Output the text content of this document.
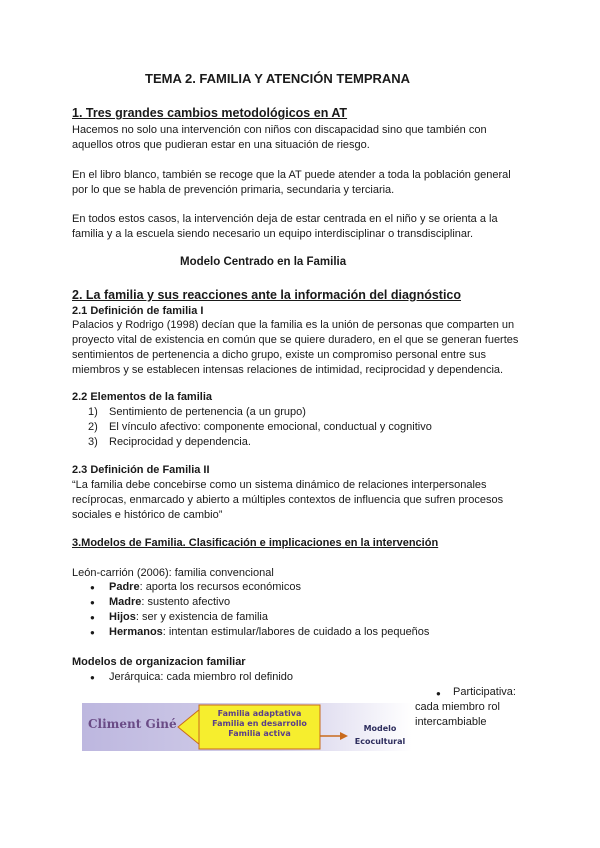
TEMA 2. FAMILIA Y ATENCIÓN TEMPRANA
1. Tres grandes cambios metodológicos en AT
Hacemos no solo una intervención con niños con discapacidad sino que también con
aquellos otros que pudieran estar en una situación de riesgo.
En el libro blanco, también se recoge que la AT puede atender a toda la población general
por lo que se habla de prevención primaria, secundaria y terciaria.
En todos estos casos, la intervención deja de estar centrada en el niño y se orienta a la
familia y a la escuela siendo necesario un equipo interdisciplinar o transdisciplinar.
Modelo Centrado en la Familia
2. La familia y sus reacciones ante la información del diagnóstico
2.1 Definición de familia I
Palacios y Rodrigo (1998) decían que la familia es la unión de personas que comparten un
proyecto vital de existencia en común que se quiere duradero, en el que se generan fuertes
sentimientos de pertenencia a dicho grupo, existe un compromiso personal entre sus
miembros y se establecen intensas relaciones de intimidad, reciprocidad y dependencia.
2.2 Elementos de la familia
1) Sentimiento de pertenencia (a un grupo)
2) El vínculo afectivo: componente emocional, conductual y cognitivo
3) Reciprocidad y dependencia.
2.3 Definición de Familia II
“La familia debe concebirse como un sistema dinámico de relaciones interpersonales
recíprocas, enmarcado y abierto a múltiples contextos de influencia que sufren procesos
sociales e histórico de cambio”
3.Modelos de Familia. Clasificación e implicaciones en la intervención
León-carrión (2006): familia convencional
● Padre: aporta los recursos económicos
● Madre: sustento afectivo
● Hijos: ser y existencia de familia
● Hermanos: intentan estimular/labores de cuidado a los pequeños
Modelos de organizacion familiar
● Jerárquica: cada miembro rol definido
● Participativa:
cada miembro rol
intercambiable
Climent Giné
Familia adaptativa
Familia en desarrollo
Familia activa
Modelo
Ecocultural
